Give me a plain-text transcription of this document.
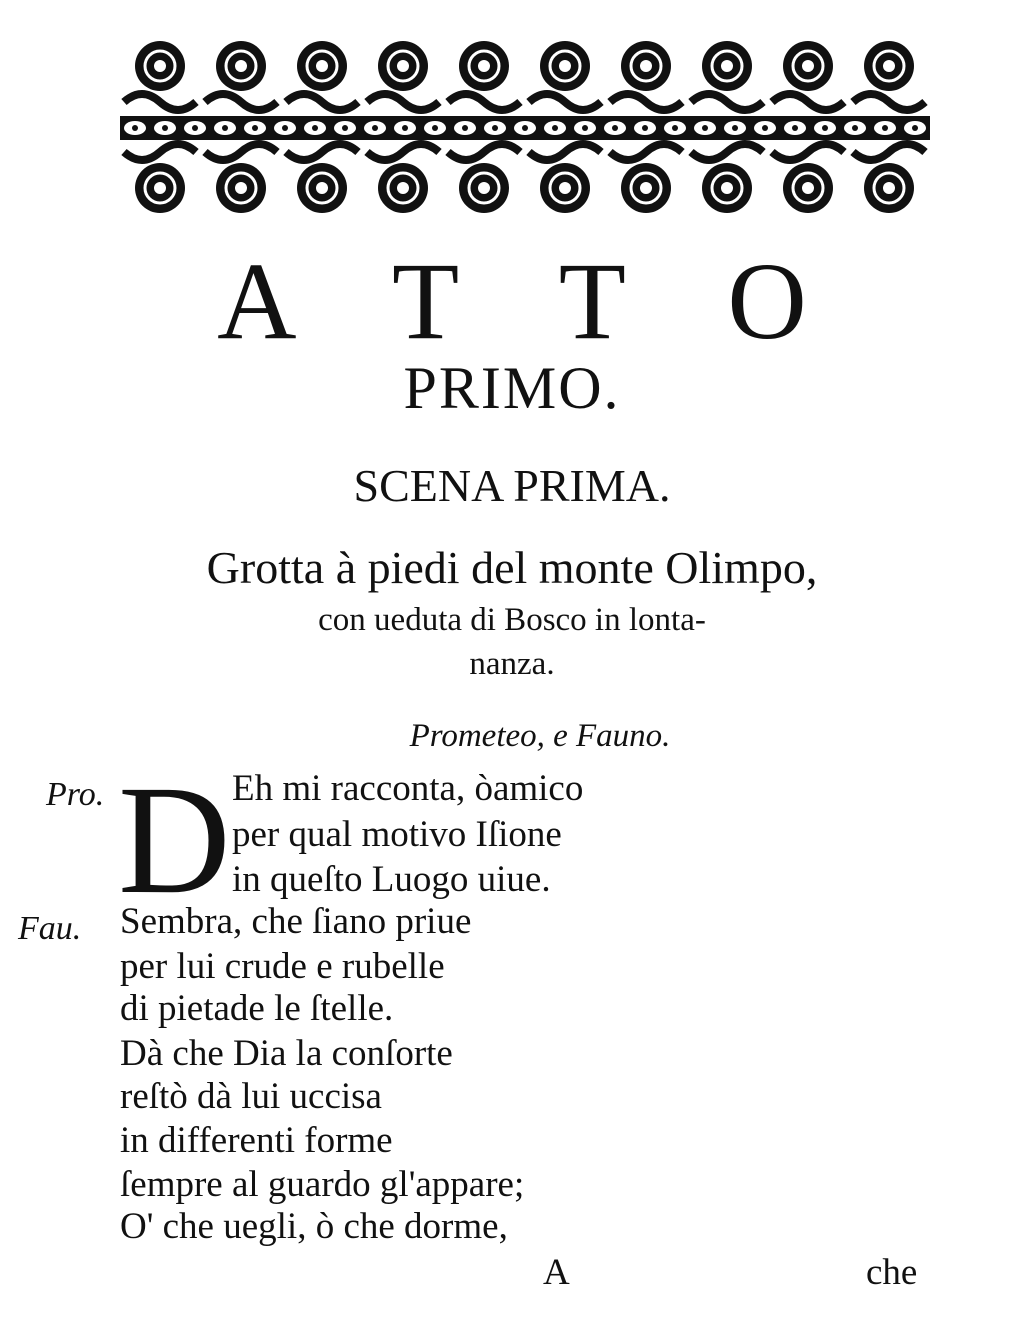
A T T O
PRIMO.
SCENA PRIMA.
Grotta à piedi del monte Olimpo,
con ueduta di Bosco in lonta-
nanza.
Prometeo, e Fauno.
Pro. D Eh mi racconta, òamico
per qual motivo Iſione
in queſto Luogo uiue.
Fau. Sembra, che ſiano priue
per lui crude e rubelle
di pietade le ſtelle.
Dà che Dia la conſorte
reſtò dà lui uccisa
in differenti forme
ſempre al guardo gl'appare;
O' che uegli, ò che dorme,
A	che
